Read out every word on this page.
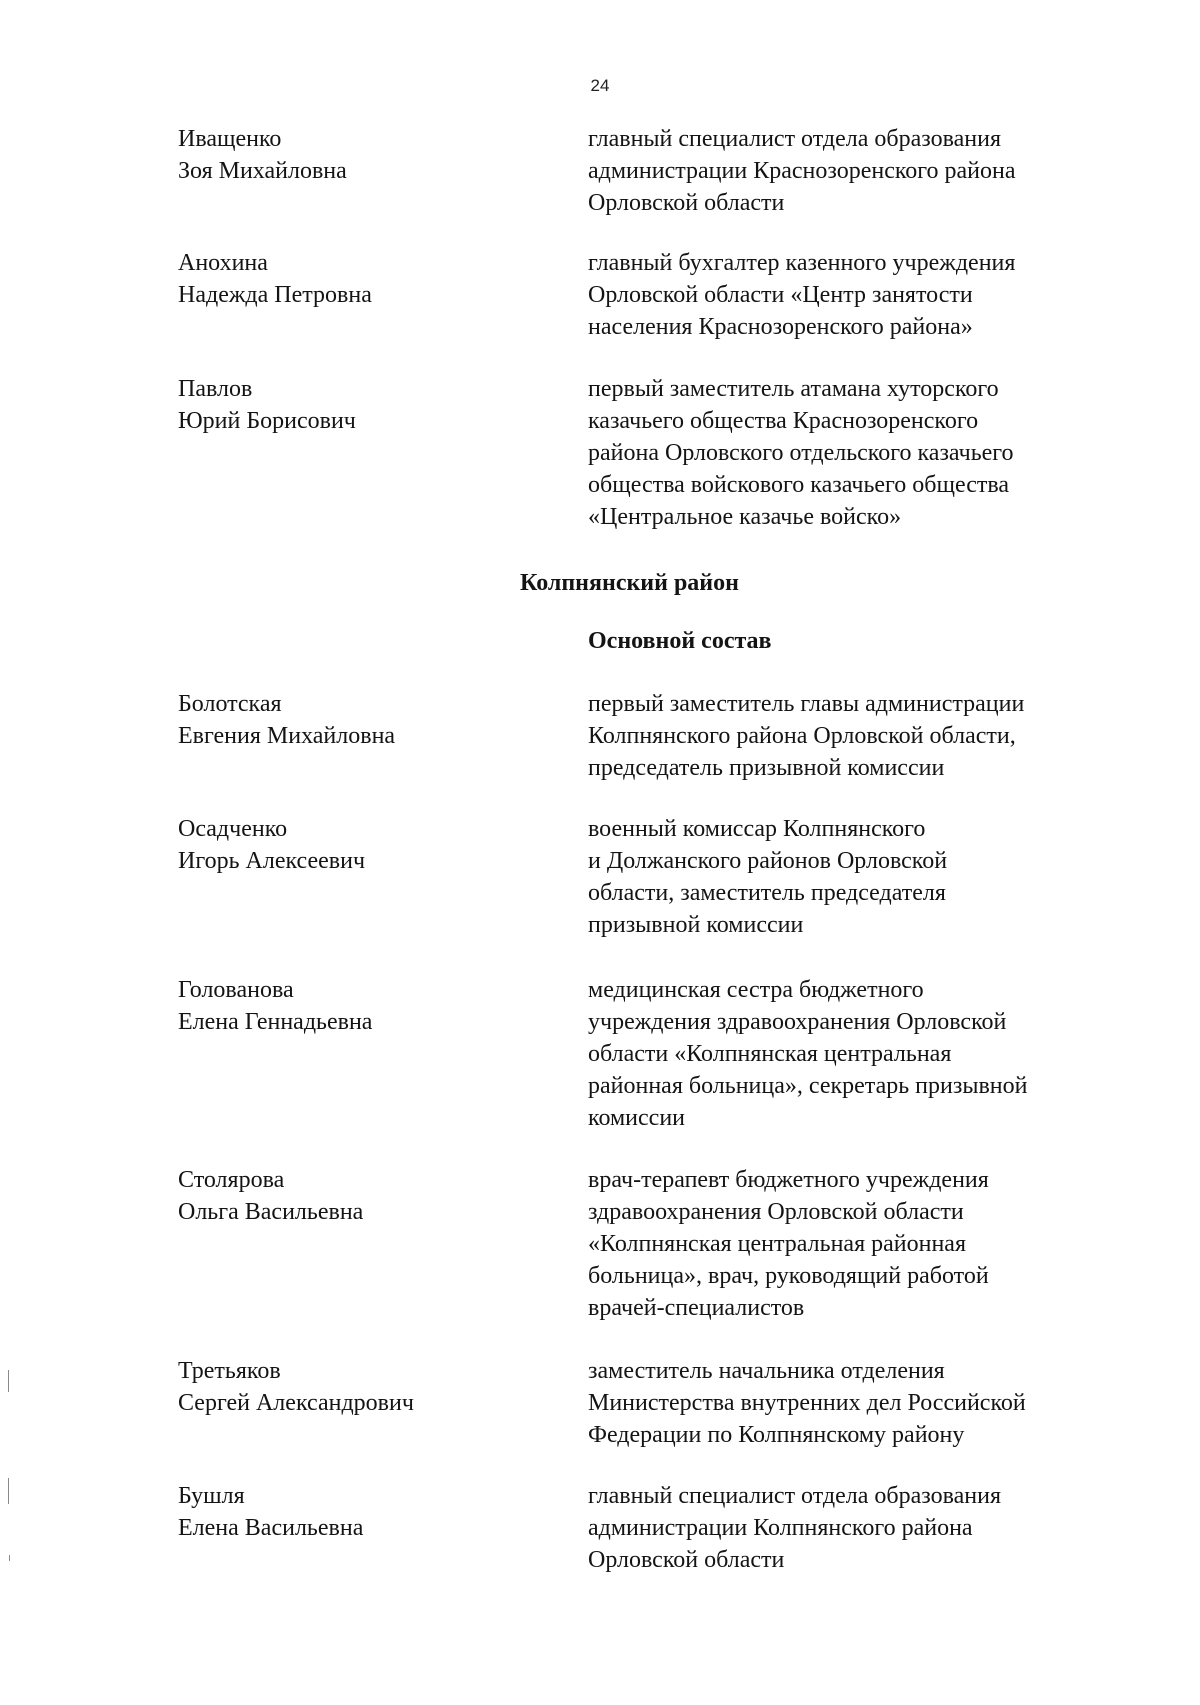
24
Иващенко
Зоя Михайловна
главный специалист отдела образования
администрации Краснозоренского района
Орловской области
Анохина
Надежда Петровна
главный бухгалтер казенного учреждения
Орловской области «Центр занятости
населения Краснозоренского района»
Павлов
Юрий Борисович
первый заместитель атамана хуторского
казачьего общества Краснозоренского
района Орловского отдельского казачьего
общества войскового казачьего общества
«Центральное казачье войско»
Колпнянский район
Основной состав
Болотская
Евгения Михайловна
первый заместитель главы администрации
Колпнянского района Орловской области,
председатель призывной комиссии
Осадченко
Игорь Алексеевич
военный комиссар Колпнянского
и Должанского районов Орловской
области, заместитель председателя
призывной комиссии
Голованова
Елена Геннадьевна
медицинская сестра бюджетного
учреждения здравоохранения Орловской
области «Колпнянская центральная
районная больница», секретарь призывной
комиссии
Столярова
Ольга Васильевна
врач-терапевт бюджетного учреждения
здравоохранения Орловской области
«Колпнянская центральная районная
больница», врач, руководящий работой
врачей-специалистов
Третьяков
Сергей Александрович
заместитель начальника отделения
Министерства внутренних дел Российской
Федерации по Колпнянскому району
Бушля
Елена Васильевна
главный специалист отдела образования
администрации Колпнянского района
Орловской области
